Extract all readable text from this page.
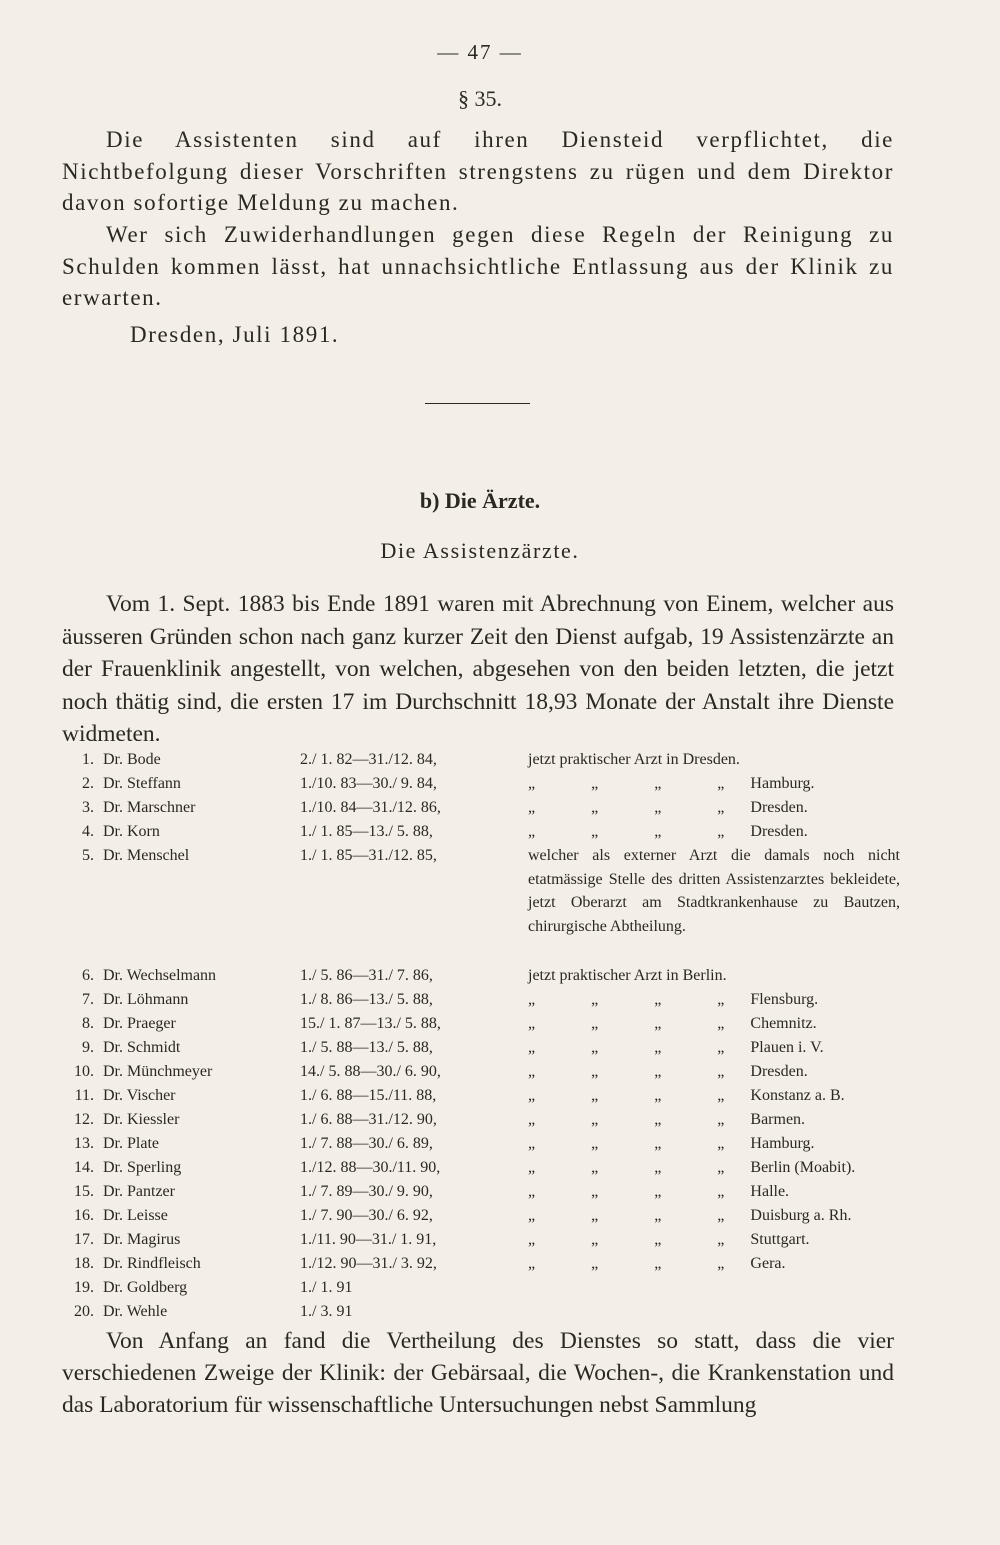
— 47 —
§ 35.

Die Assistenten sind auf ihren Diensteid verpflichtet, die Nichtbefolgung dieser Vorschriften strengstens zu rügen und dem Direktor davon sofortige Meldung zu machen.

Wer sich Zuwiderhandlungen gegen diese Regeln der Reinigung zu Schulden kommen lässt, hat unnachsichtliche Entlassung aus der Klinik zu erwarten.

Dresden, Juli 1891.
b) Die Ärzte.
Die Assistenzärzte.

Vom 1. Sept. 1883 bis Ende 1891 waren mit Abrechnung von Einem, welcher aus äusseren Gründen schon nach ganz kurzer Zeit den Dienst aufgab, 19 Assistenzärzte an der Frauenklinik angestellt, von welchen, abgesehen von den beiden letzten, die jetzt noch thätig sind, die ersten 17 im Durchschnitt 18,93 Monate der Anstalt ihre Dienste widmeten.

1. Dr. Bode	2./ 1. 82—31./12. 84,	jetzt praktischer Arzt in Dresden.
2. Dr. Steffann	1./10. 83—30./ 9. 84,	„ „ „ „Hamburg.
3. Dr. Marschner	1./10. 84—31./12. 86,	„ „ „ „Dresden.
4. Dr. Korn	1./ 1. 85—13./ 5. 88,	„ „ „ „Dresden.
5. Dr. Menschel	1./ 1. 85—31./12. 85,	welcher als externer Arzt die damals noch nicht etatmässige Stelle des dritten Assistenzarztes bekleidete, jetzt Oberarzt am Stadtkrankenhause zu Bautzen, chirurgische Abtheilung.
6. Dr. Wechselmann	1./ 5. 86—31./ 7. 86,	jetzt praktischer Arzt in Berlin.
7. Dr. Löhmann	1./ 8. 86—13./ 5. 88,	„ „ „ „Flensburg.
8. Dr. Praeger	15./ 1. 87—13./ 5. 88,	„ „ „ „Chemnitz.
9. Dr. Schmidt	1./ 5. 88—13./ 5. 88,	„ „ „ „Plauen i. V.
10. Dr. Münchmeyer	14./ 5. 88—30./ 6. 90,	„ „ „ „Dresden.
11. Dr. Vischer	1./ 6. 88—15./11. 88,	„ „ „ „Konstanz a. B.
12. Dr. Kiessler	1./ 6. 88—31./12. 90,	„ „ „ „Barmen.
13. Dr. Plate	1./ 7. 88—30./ 6. 89,	„ „ „ „Hamburg.
14. Dr. Sperling	1./12. 88—30./11. 90,	„ „ „ „Berlin (Moabit).
15. Dr. Pantzer	1./ 7. 89—30./ 9. 90,	„ „ „ „Halle.
16. Dr. Leisse	1./ 7. 90—30./ 6. 92,	„ „ „ „Duisburg a. Rh.
17. Dr. Magirus	1./11. 90—31./ 1. 91,	„ „ „ „Stuttgart.
18. Dr. Rindfleisch	1./12. 90—31./ 3. 92,	„ „ „ „Gera.
19. Dr. Goldberg	1./ 1. 91
20. Dr. Wehle	1./ 3. 91

Von Anfang an fand die Vertheilung des Dienstes so statt, dass die vier verschiedenen Zweige der Klinik: der Gebärsaal, die Wochen-, die Krankenstation und das Laboratorium für wissenschaftliche Untersuchungen nebst Sammlung
